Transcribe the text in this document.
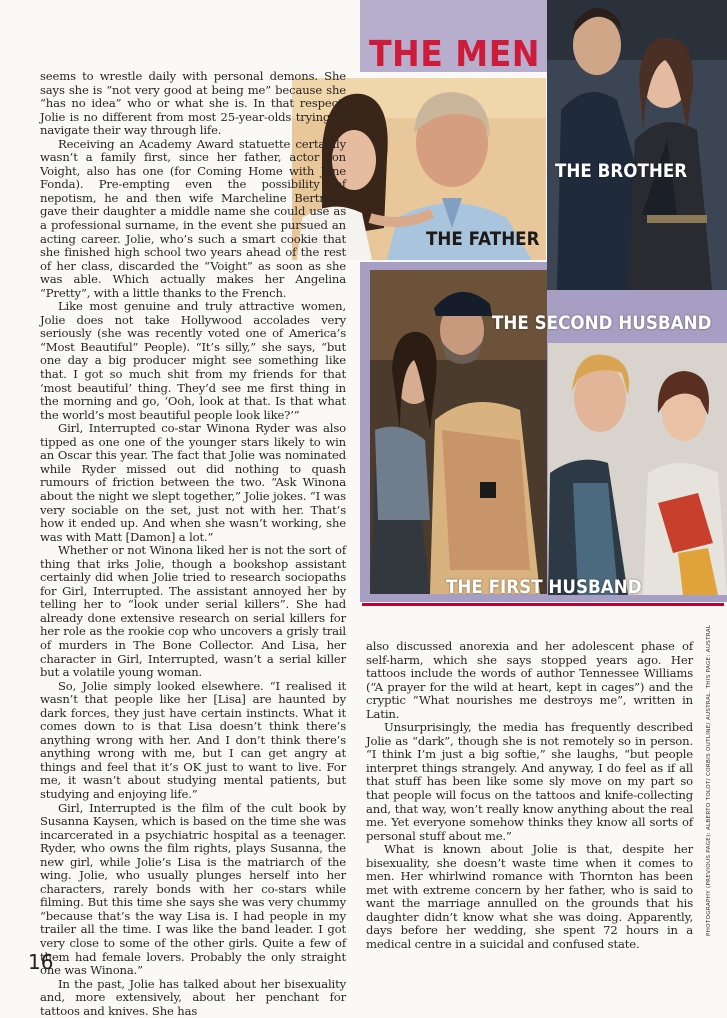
THE MEN

THE FATHER

THE BROTHER

THE SECOND HUSBAND

THE FIRST HUSBAND

seems to wrestle daily with personal demons. She says she is “not very good at being me” because she “has no idea” who or what she is. In that respect, Jolie is no different from most 25-year-olds trying to navigate their way through life.

Receiving an Academy Award statuette certainly wasn’t a family first, since her father, actor Jon Voight, also has one (for Coming Home with Jane Fonda). Pre-empting even the possibility of nepotism, he and then wife Marcheline Bertrand gave their daughter a middle name she could use as a professional surname, in the event she pursued an acting career. Jolie, who’s such a smart cookie that she finished high school two years ahead of the rest of her class, discarded the “Voight” as soon as she was able. Which actually makes her Angelina “Pretty”, with a little thanks to the French.

Like most genuine and truly attractive women, Jolie does not take Hollywood accolades very seriously (she was recently voted one of America’s “Most Beautiful” People). “It’s silly,” she says, “but one day a big producer might see something like that. I got so much shit from my friends for that ‘most beautiful’ thing. They’d see me first thing in the morning and go, ‘Ooh, look at that. Is that what the world’s most beautiful people look like?’”

Girl, Interrupted co-star Winona Ryder was also tipped as one one of the younger stars likely to win an Oscar this year. The fact that Jolie was nominated while Ryder missed out did nothing to quash rumours of friction between the two. “Ask Winona about the night we slept together,” Jolie jokes. “I was very sociable on the set, just not with her. That’s how it ended up. And when she wasn’t working, she was with Matt [Damon] a lot.”

Whether or not Winona liked her is not the sort of thing that irks Jolie, though a bookshop assistant certainly did when Jolie tried to research sociopaths for Girl, Interrupted. The assistant annoyed her by telling her to “look under serial killers”. She had already done extensive research on serial killers for her role as the rookie cop who uncovers a grisly trail of murders in The Bone Collector. And Lisa, her character in Girl, Interrupted, wasn’t a serial killer but a volatile young woman.

So, Jolie simply looked elsewhere. “I realised it wasn’t that people like her [Lisa] are haunted by dark forces, they just have certain instincts. What it comes down to is that Lisa doesn’t think there’s anything wrong with her. And I don’t think there’s anything wrong with me, but I can get angry at things and feel that it’s OK just to want to live. For me, it wasn’t about studying mental patients, but studying and enjoying life.”

Girl, Interrupted is the film of the cult book by Susanna Kaysen, which is based on the time she was incarcerated in a psychiatric hospital as a teenager. Ryder, who owns the film rights, plays Susanna, the new girl, while Jolie’s Lisa is the matriarch of the wing. Jolie, who usually plunges herself into her characters, rarely bonds with her co-stars while filming. But this time she says she was very chummy “because that’s the way Lisa is. I had people in my trailer all the time. I was like the band leader. I got very close to some of the other girls. Quite a few of them had female lovers. Probably the only straight one was Winona.”

In the past, Jolie has talked about her bisexuality and, more extensively, about her penchant for tattoos and knives. She has

also discussed anorexia and her adolescent phase of self-harm, which she says stopped years ago. Her tattoos include the words of author Tennessee Williams (“A prayer for the wild at heart, kept in cages”) and the cryptic “What nourishes me destroys me”, written in Latin.

Unsurprisingly, the media has frequently described Jolie as “dark”, though she is not remotely so in person. “I think I’m just a big softie,” she laughs, “but people interpret things strangely. And anyway, I do feel as if all that stuff has been like some sly move on my part so that people will focus on the tattoos and knife-collecting and, that way, won’t really know anything about the real me. Yet everyone somehow thinks they know all sorts of personal stuff about me.”

What is known about Jolie is that, despite her bisexuality, she doesn’t waste time when it comes to men. Her whirlwind romance with Thornton has been met with extreme concern by her father, who is said to want the marriage annulled on the grounds that his daughter didn’t know what she was doing. Apparently, days before her wedding, she spent 72 hours in a medical centre in a suicidal and confused state.

PHOTOGRAPHY (PREVIOUS PAGE): ALBERTO TOLOT/ CORBIS OUTLINE/ AUSTRAL. THIS PAGE: AUSTRAL

16
